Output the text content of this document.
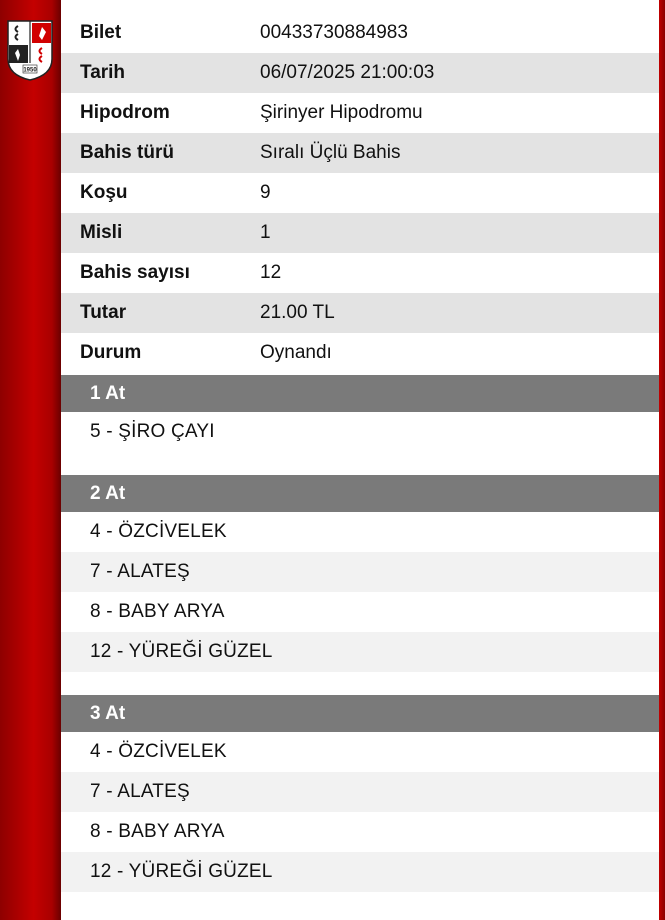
1950
Bilet	00433730884983
Tarih	06/07/2025 21:00:03
Hipodrom	Şirinyer Hipodromu
Bahis türü	Sıralı Üçlü Bahis
Koşu	9
Misli	1
Bahis sayısı	12
Tutar	21.00 TL
Durum	Oynandı
1 At
5 - ŞİRO ÇAYI
2 At
4 - ÖZCİVELEK
7 - ALATEŞ
8 - BABY ARYA
12 - YÜREĞİ GÜZEL
3 At
4 - ÖZCİVELEK
7 - ALATEŞ
8 - BABY ARYA
12 - YÜREĞİ GÜZEL
